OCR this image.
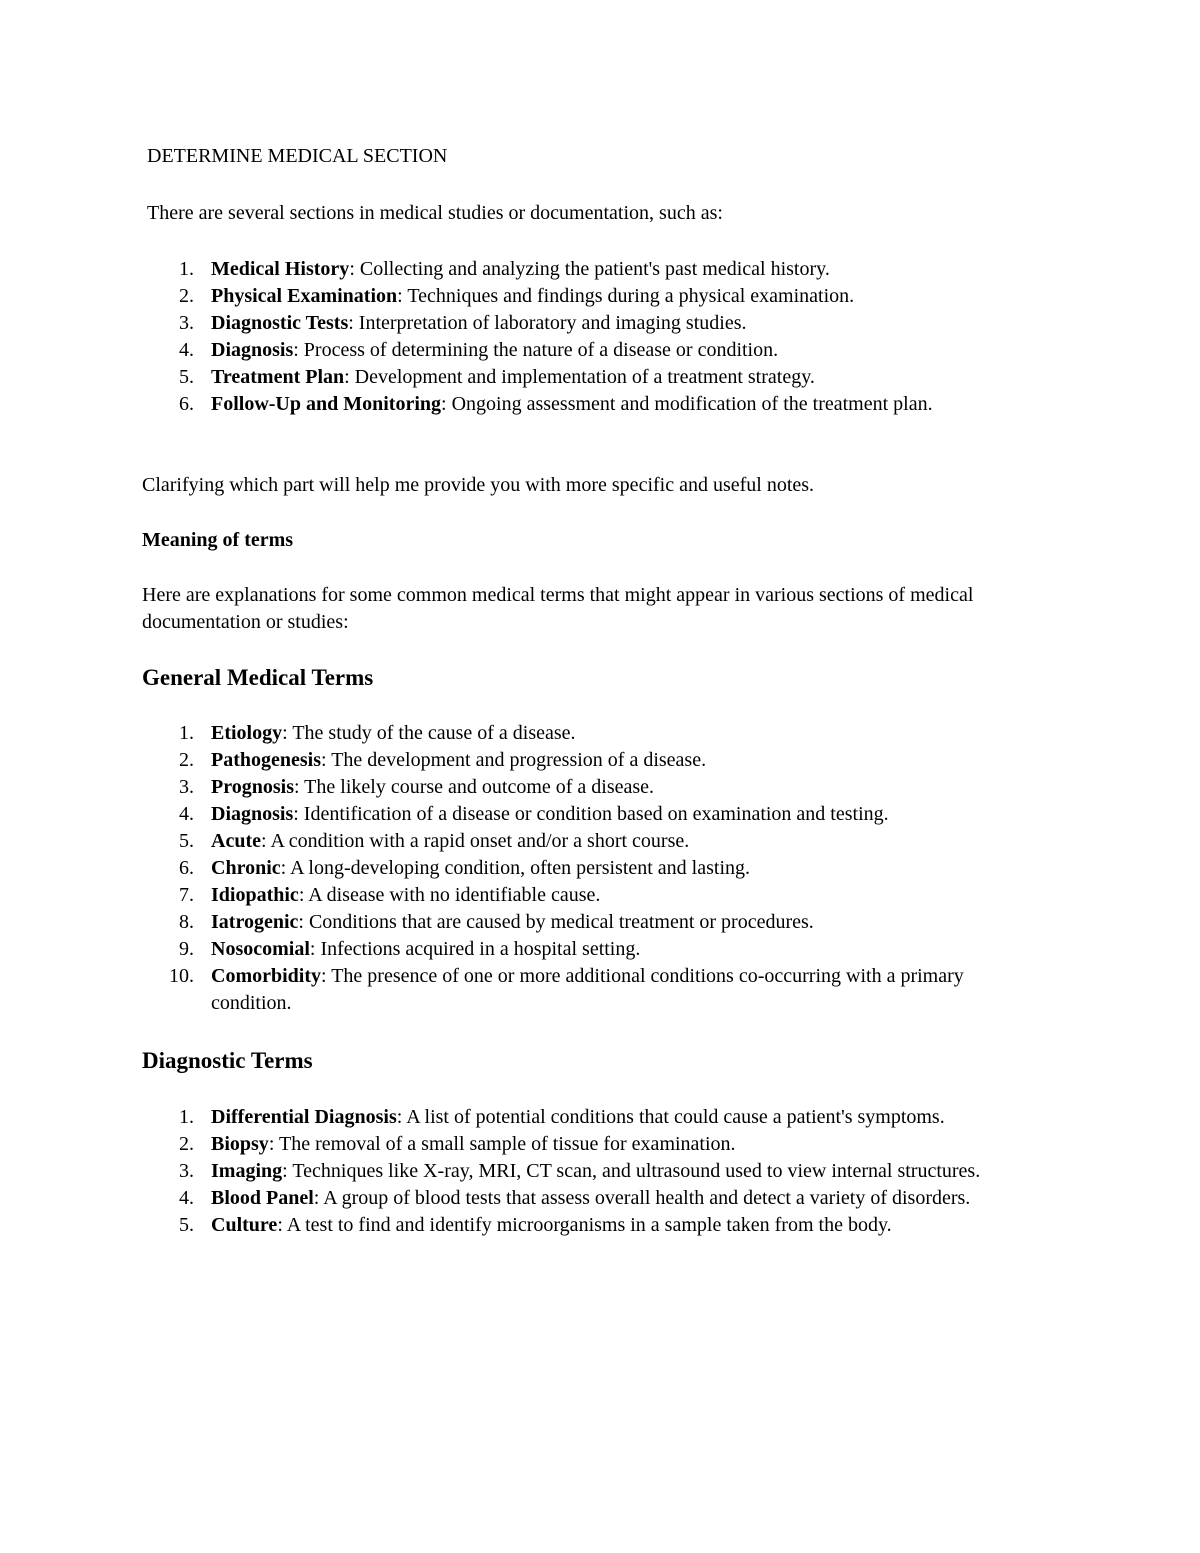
DETERMINE MEDICAL SECTION

There are several sections in medical studies or documentation, such as:

1. Medical History: Collecting and analyzing the patient's past medical history.
2. Physical Examination: Techniques and findings during a physical examination.
3. Diagnostic Tests: Interpretation of laboratory and imaging studies.
4. Diagnosis: Process of determining the nature of a disease or condition.
5. Treatment Plan: Development and implementation of a treatment strategy.
6. Follow-Up and Monitoring: Ongoing assessment and modification of the treatment plan.

Clarifying which part will help me provide you with more specific and useful notes.

Meaning of terms

Here are explanations for some common medical terms that might appear in various sections of medical documentation or studies:

General Medical Terms
1. Etiology: The study of the cause of a disease.
2. Pathogenesis: The development and progression of a disease.
3. Prognosis: The likely course and outcome of a disease.
4. Diagnosis: Identification of a disease or condition based on examination and testing.
5. Acute: A condition with a rapid onset and/or a short course.
6. Chronic: A long-developing condition, often persistent and lasting.
7. Idiopathic: A disease with no identifiable cause.
8. Iatrogenic: Conditions that are caused by medical treatment or procedures.
9. Nosocomial: Infections acquired in a hospital setting.
10. Comorbidity: The presence of one or more additional conditions co-occurring with a primary condition.
Diagnostic Terms
1. Differential Diagnosis: A list of potential conditions that could cause a patient's symptoms.
2. Biopsy: The removal of a small sample of tissue for examination.
3. Imaging: Techniques like X-ray, MRI, CT scan, and ultrasound used to view internal structures.
4. Blood Panel: A group of blood tests that assess overall health and detect a variety of disorders.
5. Culture: A test to find and identify microorganisms in a sample taken from the body.
